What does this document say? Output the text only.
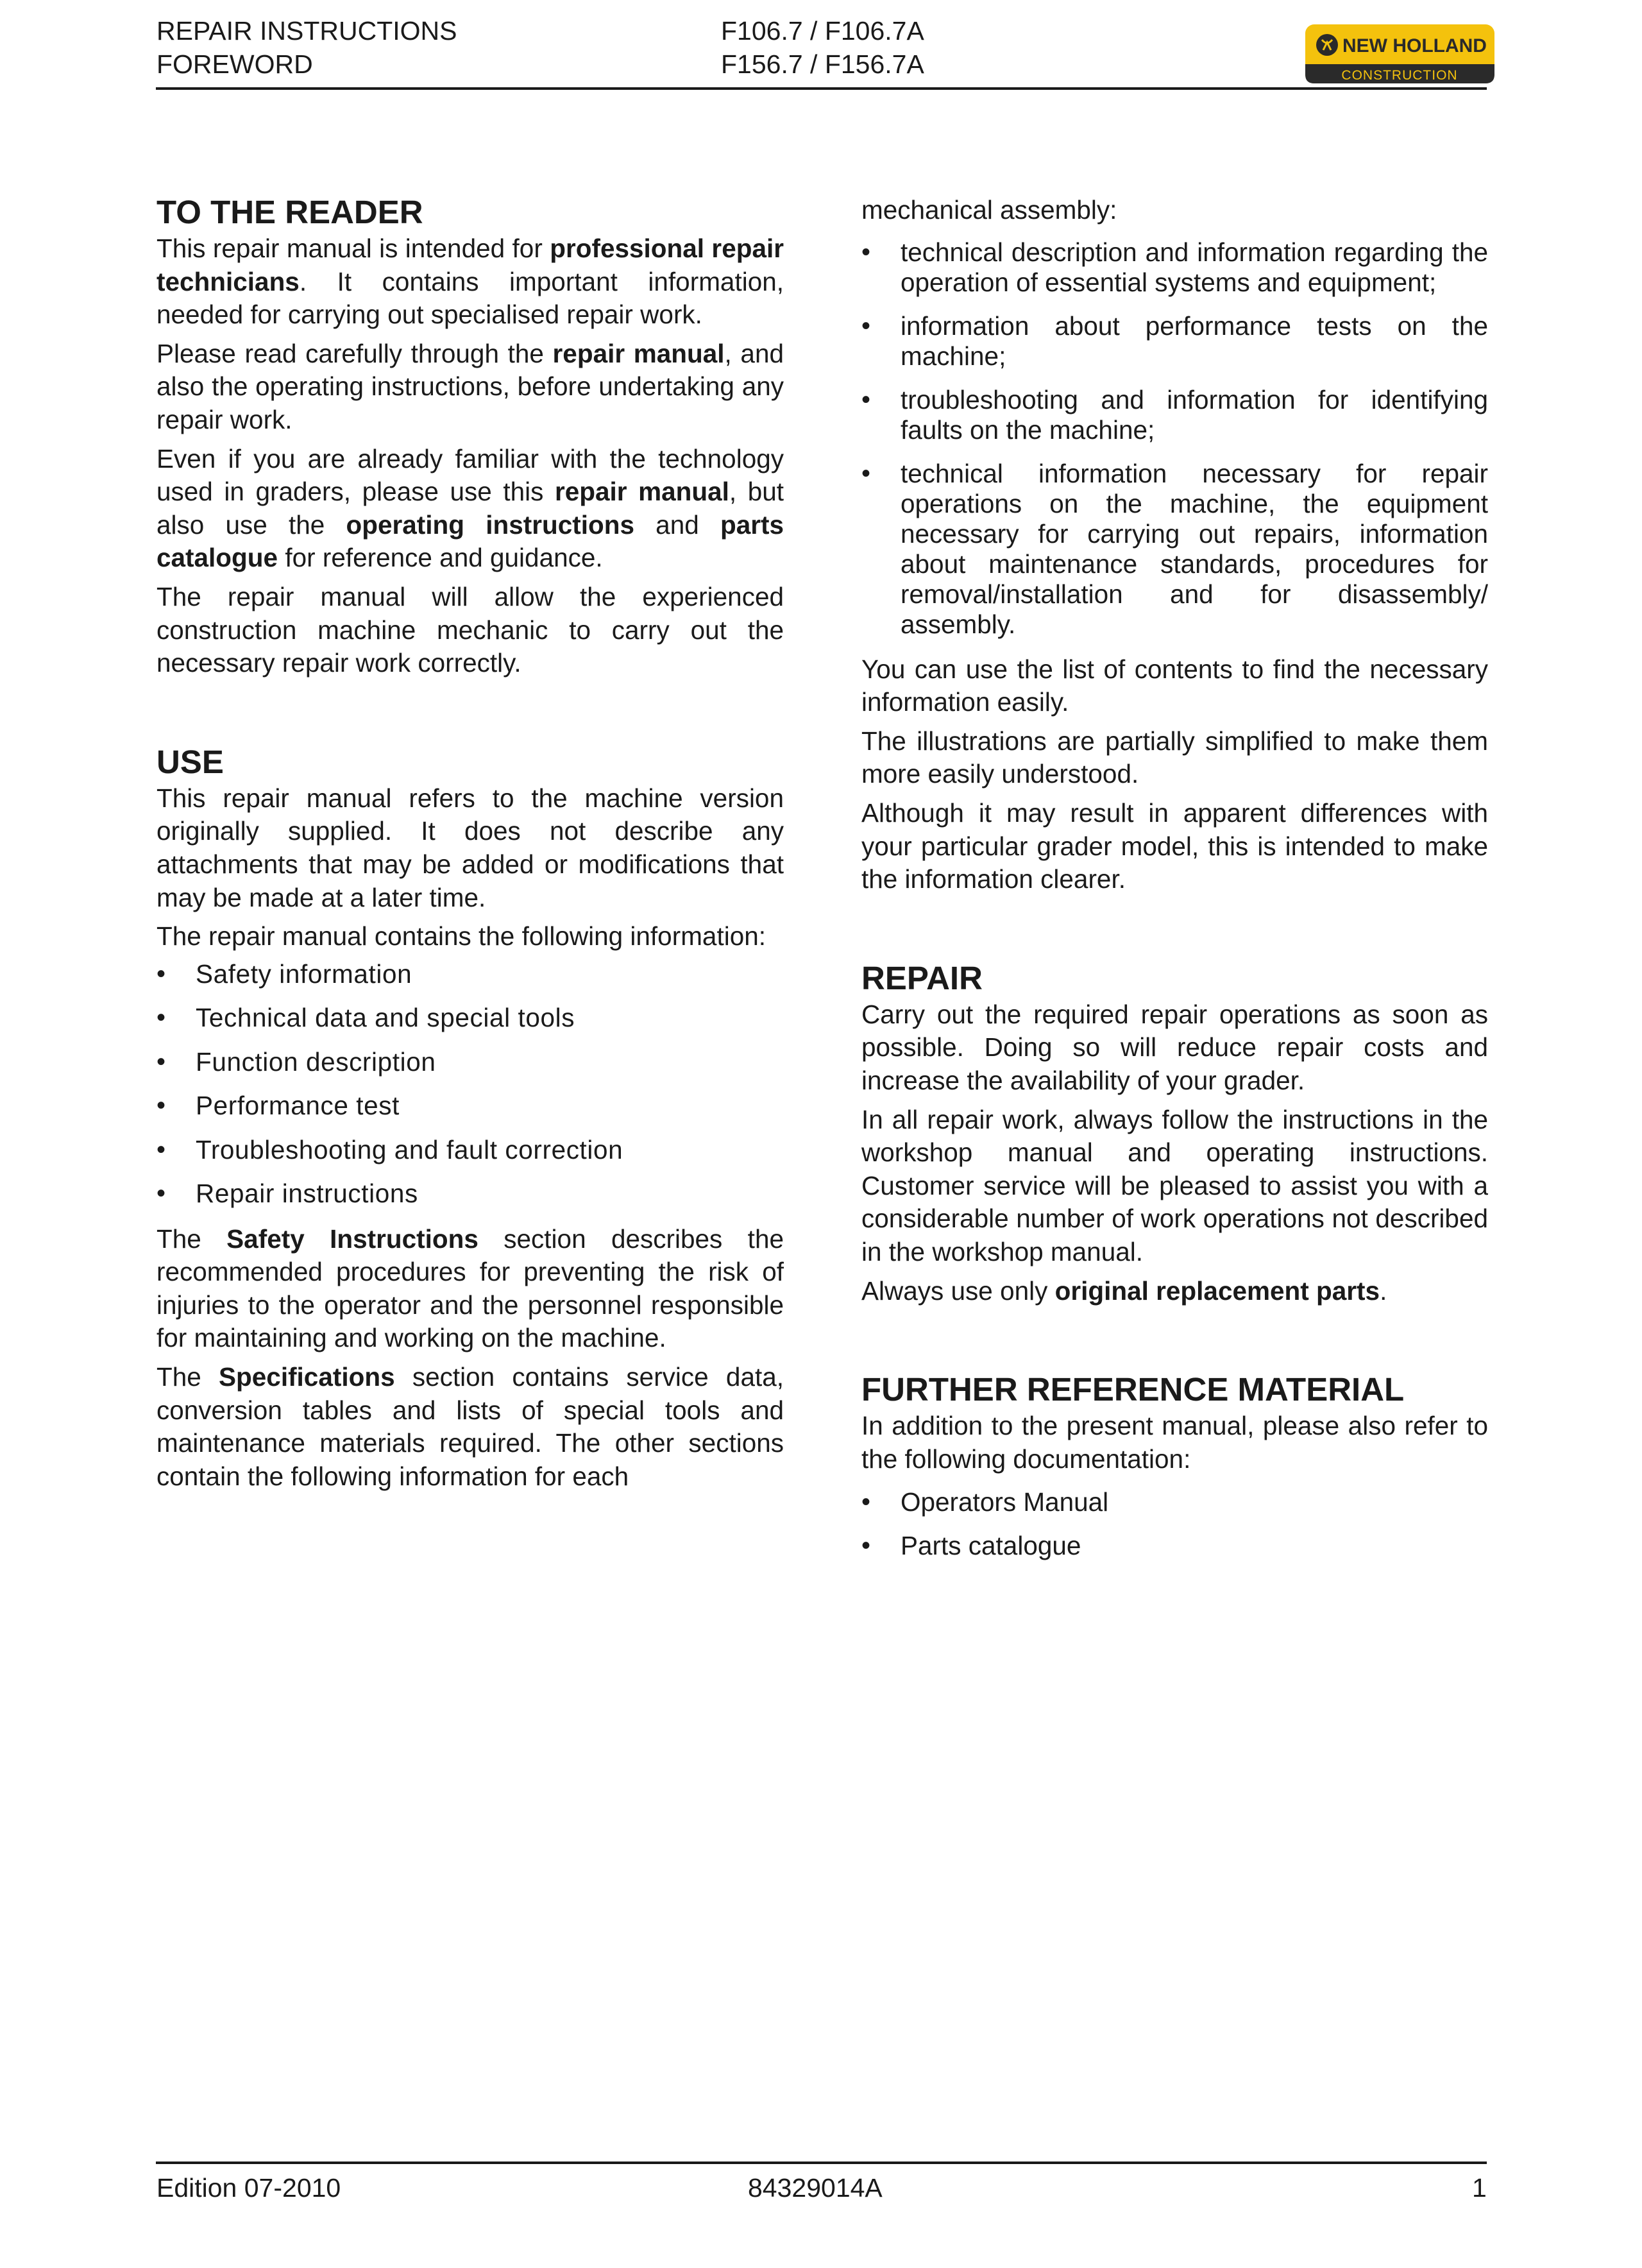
REPAIR INSTRUCTIONS
FOREWORD
F106.7 / F106.7A
F156.7 / F156.7A
NEW HOLLAND
CONSTRUCTION
TO THE READER

This repair manual is intended for professional repair technicians. It contains important information, needed for carrying out specialised repair work.

Please read carefully through the repair manual, and also the operating instructions, before undertaking any repair work.

Even if you are already familiar with the technology used in graders, please use this repair manual, but also use the operating instructions and parts catalogue for reference and guidance.

The repair manual will allow the experienced construction machine mechanic to carry out the necessary repair work correctly.

USE

This repair manual refers to the machine version originally supplied. It does not describe any attachments that may be added or modifications that may be made at a later time.

The repair manual contains the following information:

• Safety information
• Technical data and special tools
• Function description
• Performance test
• Troubleshooting and fault correction
• Repair instructions

The Safety Instructions section describes the recommended procedures for preventing the risk of injuries to the operator and the personnel responsible for maintaining and working on the machine.

The Specifications section contains service data, conversion tables and lists of special tools and maintenance materials required. The other sections contain the following information for each

mechanical assembly:

• technical description and information regarding the operation of essential systems and equipment;
• information about performance tests on the machine;
• troubleshooting and information for identifying faults on the machine;
• technical information necessary for repair operations on the machine, the equipment necessary for carrying out repairs, information about maintenance standards, procedures for removal/installation and for disassembly/ assembly.

You can use the list of contents to find the necessary information easily.

The illustrations are partially simplified to make them more easily understood.

Although it may result in apparent differences with your particular grader model, this is intended to make the information clearer.

REPAIR

Carry out the required repair operations as soon as possible. Doing so will reduce repair costs and increase the availability of your grader.

In all repair work, always follow the instructions in the workshop manual and operating instructions. Customer service will be pleased to assist you with a considerable number of work operations not described in the workshop manual.

Always use only original replacement parts.

FURTHER REFERENCE MATERIAL

In addition to the present manual, please also refer to the following documentation:

• Operators Manual
• Parts catalogue
Edition 07-2010	84329014A	1
